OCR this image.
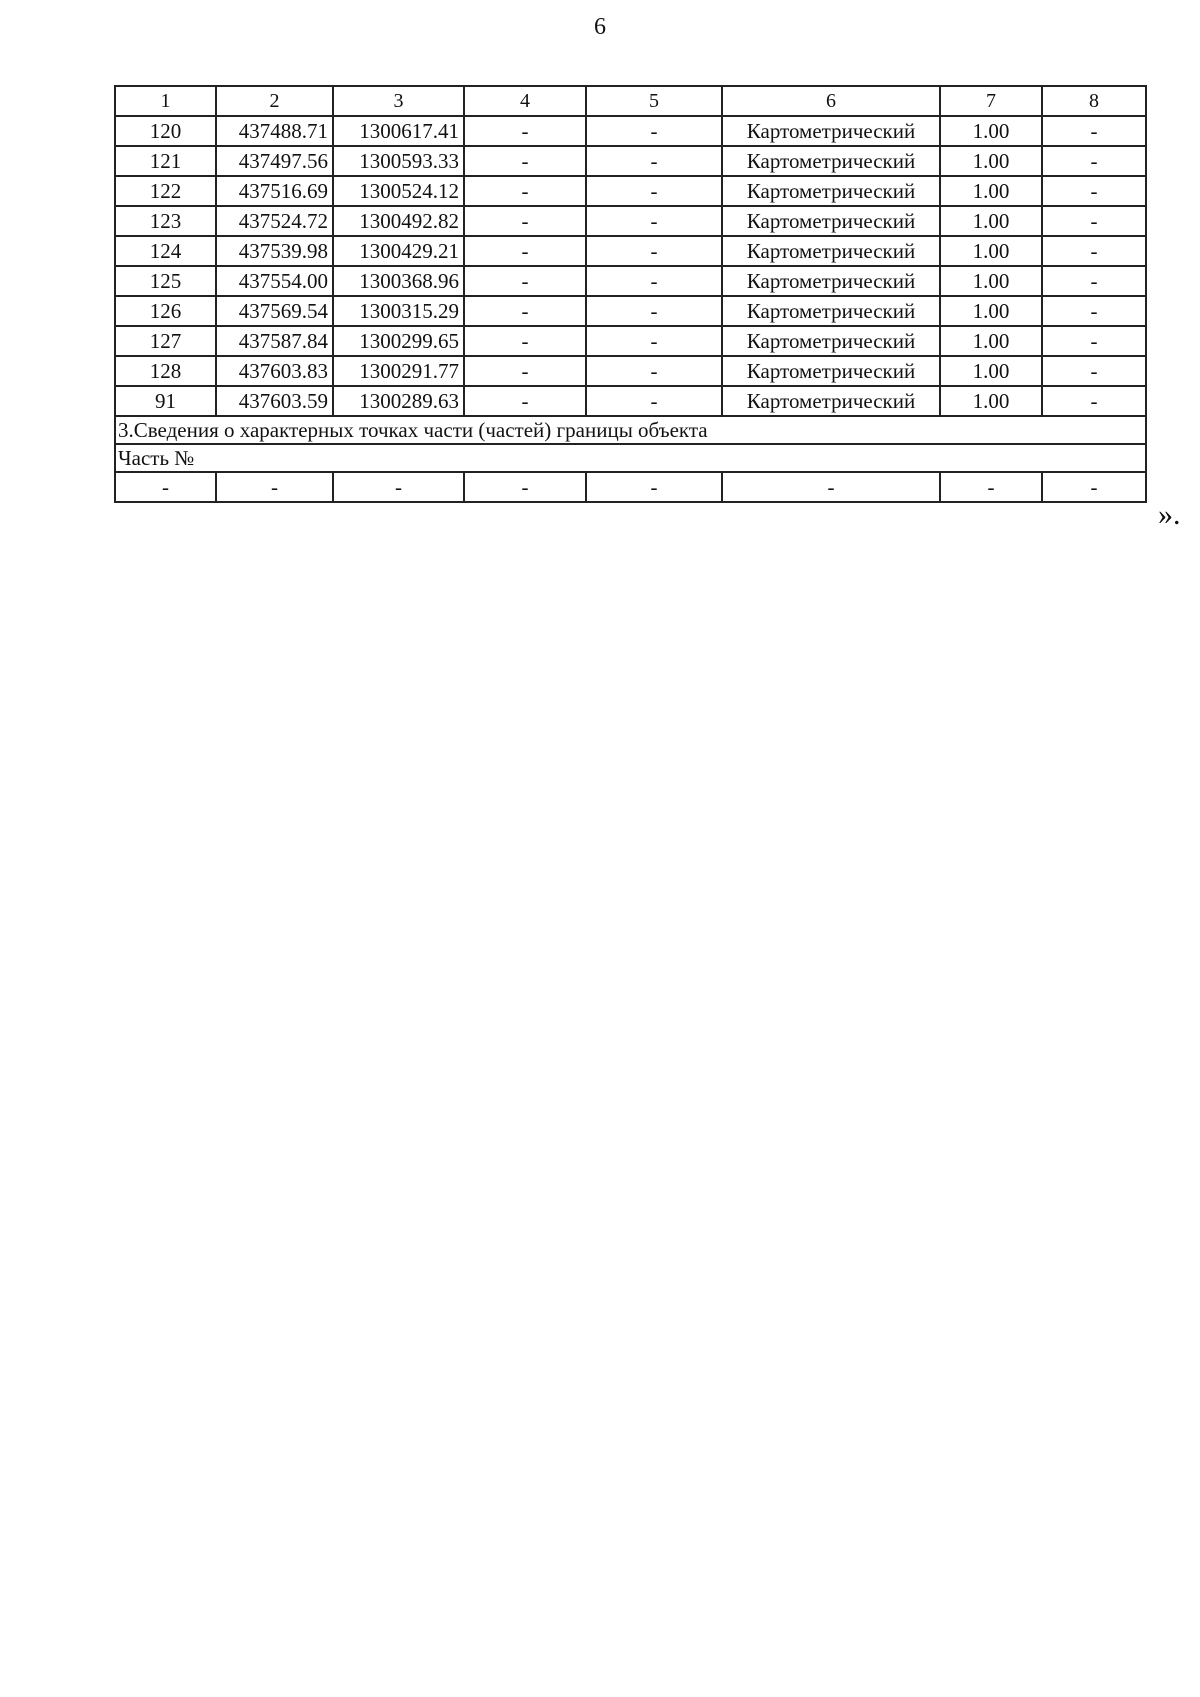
6
1	2	3	4	5	6	7	8
120	437488.71	1300617.41	-	-	Картометрический	1.00	-
121	437497.56	1300593.33	-	-	Картометрический	1.00	-
122	437516.69	1300524.12	-	-	Картометрический	1.00	-
123	437524.72	1300492.82	-	-	Картометрический	1.00	-
124	437539.98	1300429.21	-	-	Картометрический	1.00	-
125	437554.00	1300368.96	-	-	Картометрический	1.00	-
126	437569.54	1300315.29	-	-	Картометрический	1.00	-
127	437587.84	1300299.65	-	-	Картометрический	1.00	-
128	437603.83	1300291.77	-	-	Картометрический	1.00	-
91	437603.59	1300289.63	-	-	Картометрический	1.00	-
3.Сведения о характерных точках части (частей) границы объекта							
Часть №							
-	-	-	-	-	-	-	-
».
